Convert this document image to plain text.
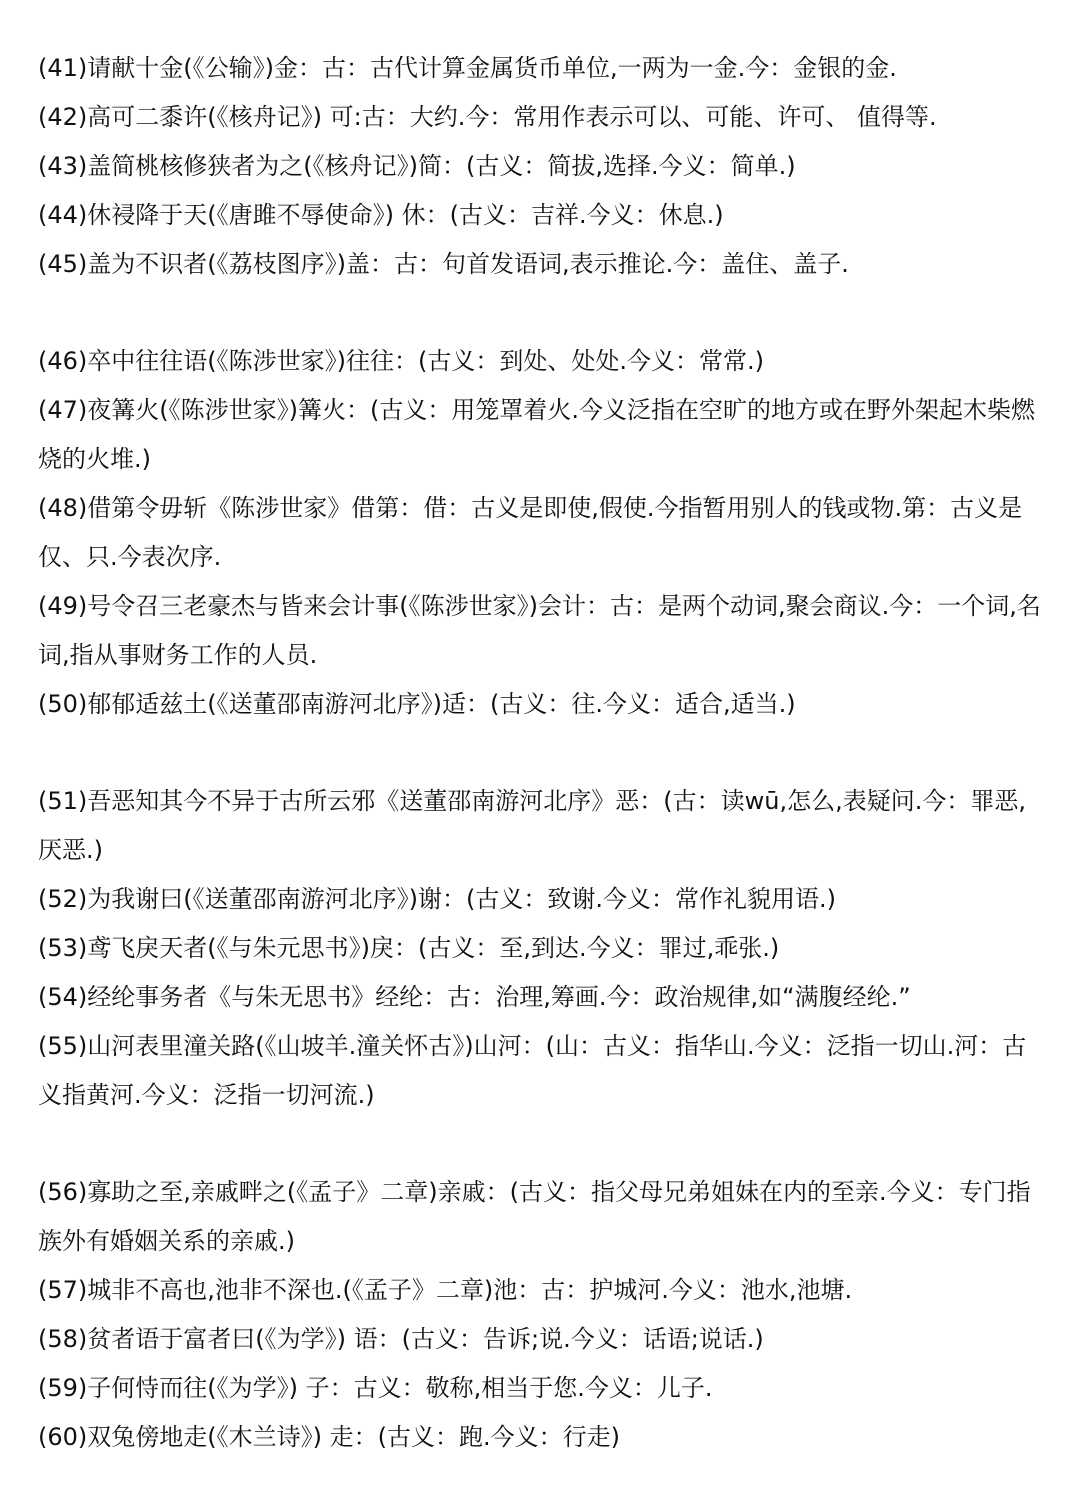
(41)请献十金(《公输》)金：古：古代计算金属货币单位,一两为一金.今：金银的金.

(42)高可二黍许(《核舟记》) 可:古：大约.今：常用作表示可以、可能、许可、 值得等.

(43)盖简桃核修狭者为之(《核舟记》)简：(古义：简拔,选择.今义：简单.)

(44)休祲降于天(《唐雎不辱使命》) 休：(古义：吉祥.今义：休息.)

(45)盖为不识者(《荔枝图序》)盖：古：句首发语词,表示推论.今：盖住、盖子.

(46)卒中往往语(《陈涉世家》)往往：(古义：到处、处处.今义：常常.)

(47)夜篝火(《陈涉世家》)篝火：(古义：用笼罩着火.今义泛指在空旷的地方或在野外架起木柴燃烧的火堆.)

(48)借第令毋斩《陈涉世家》借第：借：古义是即使,假使.今指暂用别人的钱或物.第：古义是仅、只.今表次序.

(49)号令召三老豪杰与皆来会计事(《陈涉世家》)会计：古：是两个动词,聚会商议.今：一个词,名词,指从事财务工作的人员.

(50)郁郁适兹土(《送董邵南游河北序》)适：(古义：往.今义：适合,适当.)

(51)吾恶知其今不异于古所云邪《送董邵南游河北序》恶：(古：读wū,怎么,表疑问.今：罪恶,厌恶.)

(52)为我谢曰(《送董邵南游河北序》)谢：(古义：致谢.今义：常作礼貌用语.)

(53)鸢飞戾天者(《与朱元思书》)戾：(古义：至,到达.今义：罪过,乖张.)

(54)经纶事务者《与朱无思书》经纶：古：治理,筹画.今：政治规律,如“满腹经纶.”

(55)山河表里潼关路(《山坡羊.潼关怀古》)山河：(山：古义：指华山.今义：泛指一切山.河：古义指黄河.今义：泛指一切河流.)

(56)寡助之至,亲戚畔之(《孟子》二章)亲戚：(古义：指父母兄弟姐妹在内的至亲.今义：专门指族外有婚姻关系的亲戚.)

(57)城非不高也,池非不深也.(《孟子》二章)池：古：护城河.今义：池水,池塘.

(58)贫者语于富者曰(《为学》) 语：(古义：告诉;说.今义：话语;说话.)

(59)子何恃而往(《为学》) 子：古义：敬称,相当于您.今义：儿子.

(60)双兔傍地走(《木兰诗》) 走：(古义：跑.今义：行走)
